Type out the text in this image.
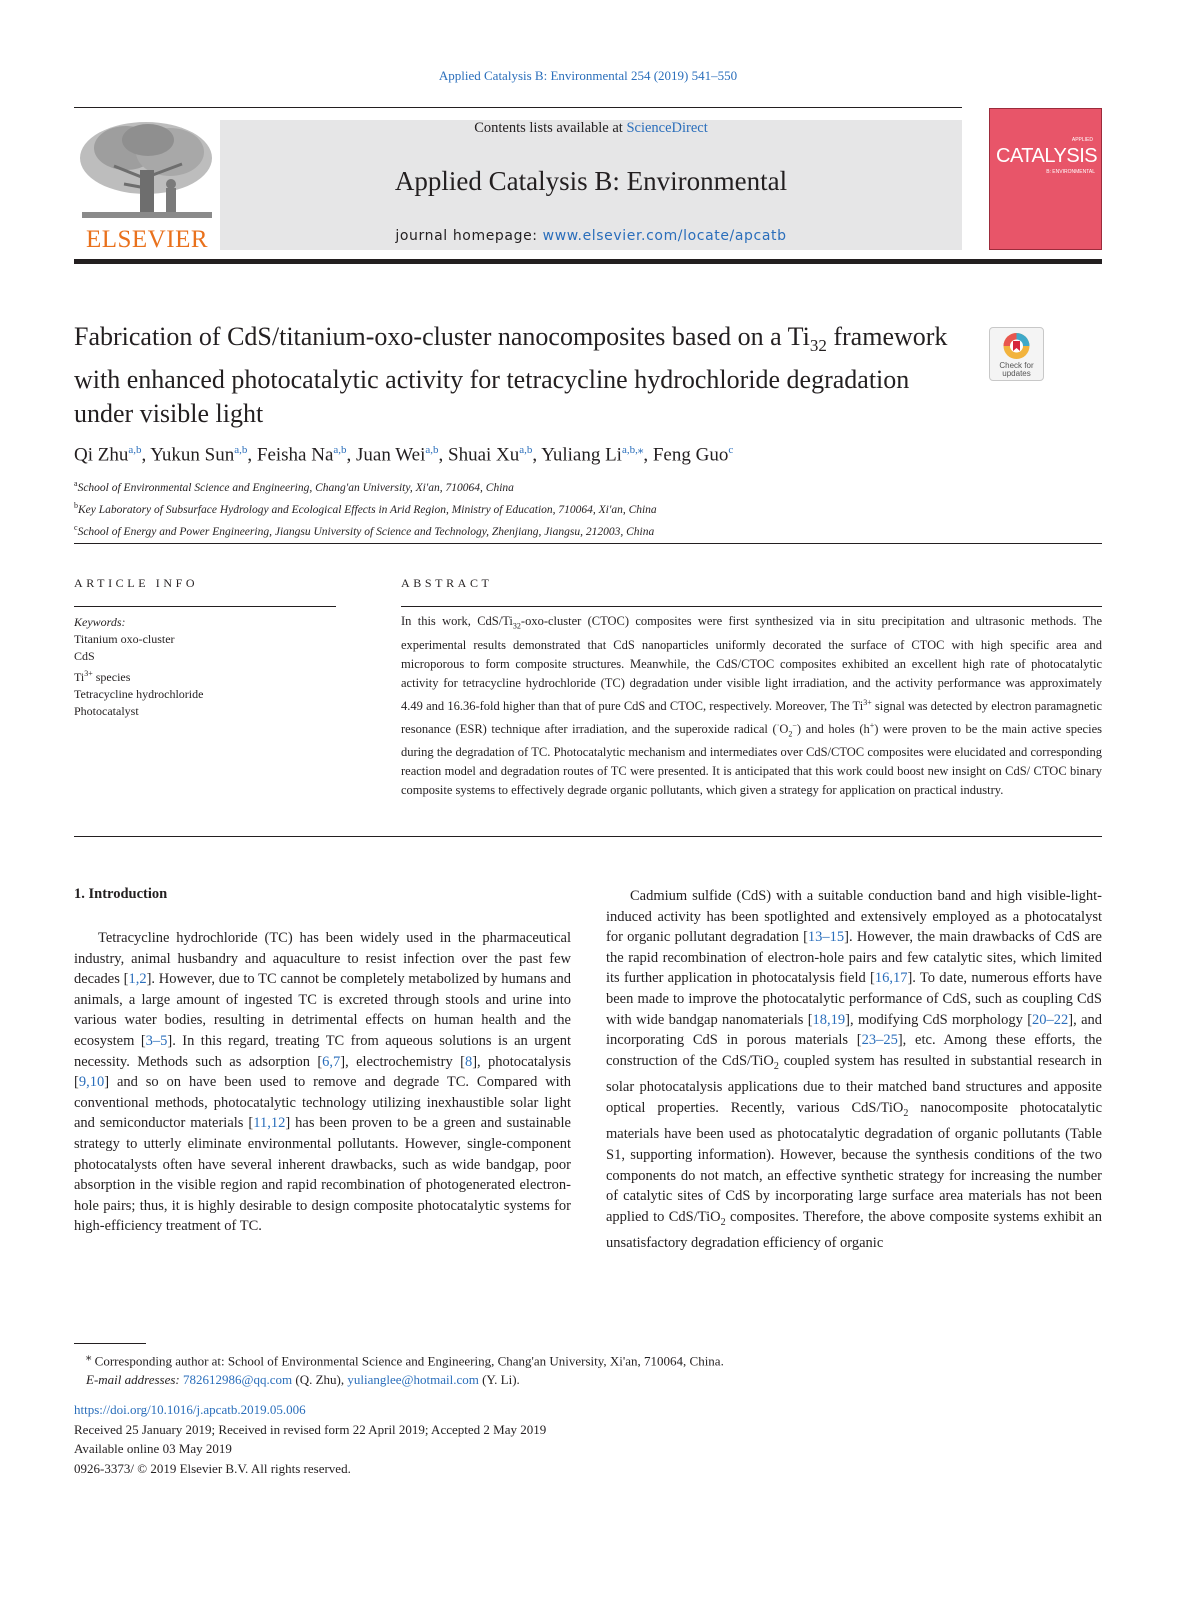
Applied Catalysis B: Environmental 254 (2019) 541–550
ELSEVIER
Contents lists available at ScienceDirect
Applied Catalysis B: Environmental
journal homepage: www.elsevier.com/locate/apcatb
APPLIED
CATALYSIS
B: ENVIRONMENTAL
Fabrication of CdS/titanium-oxo-cluster nanocomposites based on a $Ti_{32}$ framework with enhanced photocatalytic activity for tetracycline hydrochloride degradation under visible light
Check for
updates
Qi Zhu$^{a,b}$, Yukun Sun$^{a,b}$, Feisha Na$^{a,b}$, Juan Wei$^{a,b}$, Shuai Xu$^{a,b}$, Yuliang $Li^{a,b,⁎}$, Feng Guo$^c$
$^a$School of Environmental Science and Engineering, Chang'an University, Xi'an, 710064, China
$^b$Key Laboratory of Subsurface Hydrology and Ecological Effects in Arid Region, Ministry of Education, 710064, Xi'an, China
$^c$School of Energy and Power Engineering, Jiangsu University of Science and Technology, Zhenjiang, Jiangsu, 212003, China
ARTICLE INFO	ABSTRACT
Keywords:
Titanium oxo-cluster
CdS
$Ti^{3+}$ species
Tetracycline hydrochloride
Photocatalyst
In this work, CdS/$Ti_{32}-oxo$-cluster (CTOC) composites were first synthesized via in situ precipitation and ultrasonic methods. The experimental results demonstrated that CdS nanoparticles uniformly decorated the surface of CTOC with high specific area and microporous to form composite structures. Meanwhile, the CdS/CTOC composites exhibited an excellent high rate of photocatalytic activity for tetracycline hydrochloride (TC) degradation under visible light irradiation, and the activity performance was approximately 4.49 and 16.36-fold higher than that of pure CdS and CTOC, respectively. Moreover, The $Ti^{3+}$ signal was detected by electron paramagnetic resonance (ESR) technique after irradiation, and the superoxide radical $(^\cdot O_2^-)$ and holes (h+) were proven to be the main active species during the degradation of TC. Photocatalytic mechanism and intermediates over CdS/CTOC composites were elucidated and corresponding reaction model and degradation routes of TC were presented. It is anticipated that this work could boost new insight on CdS/ CTOC binary composite systems to effectively degrade organic pollutants, which given a strategy for application on practical industry.
1. Introduction
Tetracycline hydrochloride (TC) has been widely used in the pharmaceutical industry, animal husbandry and aquaculture to resist infection over the past few decades [1,2]. However, due to TC cannot be completely metabolized by humans and animals, a large amount of ingested TC is excreted through stools and urine into various water bodies, resulting in detrimental effects on human health and the ecosystem [3–5]. In this regard, treating TC from aqueous solutions is an urgent necessity. Methods such as adsorption [6,7], electrochemistry [8], photocatalysis [9,10] and so on have been used to remove and degrade TC. Compared with conventional methods, photocatalytic technology utilizing inexhaustible solar light and semiconductor materials [11,12] has been proven to be a green and sustainable strategy to utterly eliminate environmental pollutants. However, single-component photocatalysts often have several inherent drawbacks, such as wide bandgap, poor absorption in the visible region and rapid recombination of photogenerated electron-hole pairs; thus, it is highly desirable to design composite photocatalytic systems for high-efficiency treatment of TC.
Cadmium sulfide (CdS) with a suitable conduction band and high visible-light-induced activity has been spotlighted and extensively employed as a photocatalyst for organic pollutant degradation [13–15]. However, the main drawbacks of CdS are the rapid recombination of electron-hole pairs and few catalytic sites, which limited its further application in photocatalysis field [16,17]. To date, numerous efforts have been made to improve the photocatalytic performance of CdS, such as coupling CdS with wide bandgap nanomaterials [18,19], modifying CdS morphology [20–22], and incorporating CdS in porous materials [23–25], etc. Among these efforts, the construction of the CdS/TiO$_2$ coupled system has resulted in substantial research in solar photocatalysis applications due to their matched band structures and apposite optical properties. Recently, various CdS/TiO$_2$ nanocomposite photocatalytic materials have been used as photocatalytic degradation of organic pollutants (Table S1, supporting information). However, because the synthesis conditions of the two components do not match, an effective synthetic strategy for increasing the number of catalytic sites of CdS by incorporating large surface area materials has not been applied to CdS/TiO$_2$ composites. Therefore, the above composite systems exhibit an unsatisfactory degradation efficiency of organic
⁎ Corresponding author at: School of Environmental Science and Engineering, Chang'an University, Xi'an, 710064, China.
E-mail addresses: 782612986@qq.com (Q. Zhu), yulianglee@hotmail.com (Y. Li).
https://doi.org/10.1016/j.apcatb.2019.05.006
Received 25 January 2019; Received in revised form 22 April 2019; Accepted 2 May 2019
Available online 03 May 2019
0926-3373/ © 2019 Elsevier B.V. All rights reserved.
